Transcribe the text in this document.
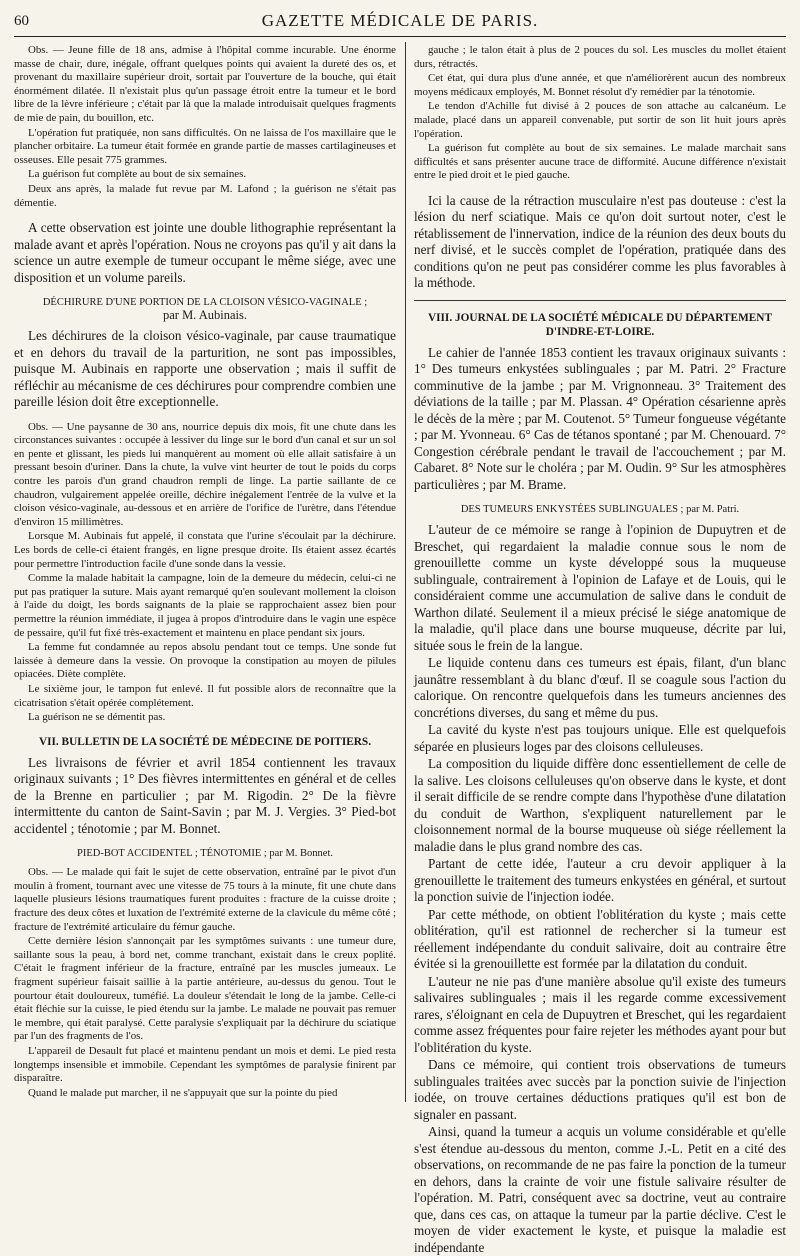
60	GAZETTE MÉDICALE DE PARIS.

Obs. — Jeune fille de 18 ans, admise à l'hôpital comme incurable. Une énorme masse de chair, dure, inégale, offrant quelques points qui avaient la dureté des os, et provenant du maxillaire supérieur droit, sortait par l'ouverture de la bouche, qui était énormément dilatée. Il n'existait plus qu'un passage étroit entre la tumeur et le bord libre de la lèvre inférieure ; c'était par là que la malade introduisait quelques fragments de mie de pain, du bouillon, etc.

L'opération fut pratiquée, non sans difficultés. On ne laissa de l'os maxillaire que le plancher orbitaire. La tumeur était formée en grande partie de masses cartilagineuses et osseuses. Elle pesait 775 grammes.

La guérison fut complète au bout de six semaines.

Deux ans après, la malade fut revue par M. Lafond ; la guérison ne s'était pas démentie.

A cette observation est jointe une double lithographie représentant la malade avant et après l'opération. Nous ne croyons pas qu'il y ait dans la science un autre exemple de tumeur occupant le même siége, avec une disposition et un volume pareils.

DÉCHIRURE D'UNE PORTION DE LA CLOISON VÉSICO-VAGINALE ;
par M. Aubinais.

Les déchirures de la cloison vésico-vaginale, par cause traumatique et en dehors du travail de la parturition, ne sont pas impossibles, puisque M. Aubinais en rapporte une observation ; mais il suffit de réfléchir au mécanisme de ces déchirures pour comprendre combien une pareille lésion doit être exceptionnelle.

Obs. — Une paysanne de 30 ans, nourrice depuis dix mois, fit une chute dans les circonstances suivantes : occupée à lessiver du linge sur le bord d'un canal et sur un sol en pente et glissant, les pieds lui manquèrent au moment où elle allait satisfaire à un pressant besoin d'uriner. Dans la chute, la vulve vint heurter de tout le poids du corps contre les parois d'un grand chaudron rempli de linge. La partie saillante de ce chaudron, vulgairement appelée oreille, déchire inégalement l'entrée de la vulve et la cloison vésico-vaginale, au-dessous et en arrière de l'orifice de l'urètre, dans l'étendue d'environ 15 millimètres.

Lorsque M. Aubinais fut appelé, il constata que l'urine s'écoulait par la déchirure. Les bords de celle-ci étaient frangés, en ligne presque droite. Ils étaient assez écartés pour permettre l'introduction facile d'une sonde dans la vessie.

Comme la malade habitait la campagne, loin de la demeure du médecin, celui-ci ne put pas pratiquer la suture. Mais ayant remarqué qu'en soulevant mollement la cloison à l'aide du doigt, les bords saignants de la plaie se rapprochaient assez bien pour permettre la réunion immédiate, il jugea à propos d'introduire dans le vagin une espèce de pessaire, qu'il fut fixé très-exactement et maintenu en place pendant six jours.

La femme fut condamnée au repos absolu pendant tout ce temps. Une sonde fut laissée à demeure dans la vessie. On provoque la constipation au moyen de pilules opiacées. Diète complète.

Le sixième jour, le tampon fut enlevé. Il fut possible alors de reconnaître que la cicatrisation s'était opérée complétement.

La guérison ne se démentit pas.

VII. BULLETIN DE LA SOCIÉTÉ DE MÉDECINE DE POITIERS.

Les livraisons de février et avril 1854 contiennent les travaux originaux suivants ; 1° Des fièvres intermittentes en général et de celles de la Brenne en particulier ; par M. Rigodin. 2° De la fièvre intermittente du canton de Saint-Savin ; par M. J. Vergies. 3° Pied-bot accidentel ; ténotomie ; par M. Bonnet.

PIED-BOT ACCIDENTEL ; TÉNOTOMIE ; par M. Bonnet.

Obs. — Le malade qui fait le sujet de cette observation, entraîné par le pivot d'un moulin à froment, tournant avec une vitesse de 75 tours à la minute, fit une chute dans laquelle plusieurs lésions traumatiques furent produites : fracture de la cuisse droite ; fracture des deux côtes et luxation de l'extrémité externe de la clavicule du même côté ; fracture de l'extrémité articulaire du fémur gauche.

Cette dernière lésion s'annonçait par les symptômes suivants : une tumeur dure, saillante sous la peau, à bord net, comme tranchant, existait dans le creux poplité. C'était le fragment inférieur de la fracture, entraîné par les muscles jumeaux. Le fragment supérieur faisait saillie à la partie antérieure, au-dessus du genou. Tout le pourtour était douloureux, tuméfié. La douleur s'étendait le long de la jambe. Celle-ci était fléchie sur la cuisse, le pied étendu sur la jambe. Le malade ne pouvait pas remuer le membre, qui était paralysé. Cette paralysie s'expliquait par la déchirure du sciatique par l'un des fragments de l'os.

L'appareil de Desault fut placé et maintenu pendant un mois et demi. Le pied resta longtemps insensible et immobile. Cependant les symptômes de paralysie finirent par disparaître.

Quand le malade put marcher, il ne s'appuyait que sur la pointe du pied

gauche ; le talon était à plus de 2 pouces du sol. Les muscles du mollet étaient durs, rétractés.

Cet état, qui dura plus d'une année, et que n'améliorèrent aucun des nombreux moyens médicaux employés, M. Bonnet résolut d'y remédier par la ténotomie.

Le tendon d'Achille fut divisé à 2 pouces de son attache au calcanéum. Le malade, placé dans un appareil convenable, put sortir de son lit huit jours après l'opération.

La guérison fut complète au bout de six semaines. Le malade marchait sans difficultés et sans présenter aucune trace de difformité. Aucune différence n'existait entre le pied droit et le pied gauche.

Ici la cause de la rétraction musculaire n'est pas douteuse : c'est la lésion du nerf sciatique. Mais ce qu'on doit surtout noter, c'est le rétablissement de l'innervation, indice de la réunion des deux bouts du nerf divisé, et le succès complet de l'opération, pratiquée dans des conditions qu'on ne peut pas considérer comme les plus favorables à la méthode.

VIII. JOURNAL DE LA SOCIÉTÉ MÉDICALE DU DÉPARTEMENT D'INDRE-ET-LOIRE.

Le cahier de l'année 1853 contient les travaux originaux suivants : 1° Des tumeurs enkystées sublinguales ; par M. Patri. 2° Fracture comminutive de la jambe ; par M. Vrignonneau. 3° Traitement des déviations de la taille ; par M. Plassan. 4° Opération césarienne après le décès de la mère ; par M. Coutenot. 5° Tumeur fongueuse végétante ; par M. Yvonneau. 6° Cas de tétanos spontané ; par M. Chenouard. 7° Congestion cérébrale pendant le travail de l'accouchement ; par M. Cabaret. 8° Note sur le choléra ; par M. Oudin. 9° Sur les atmosphères particulières ; par M. Brame.

DES TUMEURS ENKYSTÉES SUBLINGUALES ; par M. Patri.

L'auteur de ce mémoire se range à l'opinion de Dupuytren et de Breschet, qui regardaient la maladie connue sous le nom de grenouillette comme un kyste développé sous la muqueuse sublinguale, contrairement à l'opinion de Lafaye et de Louis, qui le considéraient comme une accumulation de salive dans le conduit de Warthon dilaté. Seulement il a mieux précisé le siége anatomique de la maladie, qu'il place dans une bourse muqueuse, décrite par lui, située sous le frein de la langue.

Le liquide contenu dans ces tumeurs est épais, filant, d'un blanc jaunâtre ressemblant à du blanc d'œuf. Il se coagule sous l'action du calorique. On rencontre quelquefois dans les tumeurs anciennes des concrétions diverses, du sang et même du pus.

La cavité du kyste n'est pas toujours unique. Elle est quelquefois séparée en plusieurs loges par des cloisons celluleuses.

La composition du liquide diffère donc essentiellement de celle de la salive. Les cloisons celluleuses qu'on observe dans le kyste, et dont il serait difficile de se rendre compte dans l'hypothèse d'une dilatation du conduit de Warthon, s'expliquent naturellement par le cloisonnement normal de la bourse muqueuse où siége réellement la maladie dans le plus grand nombre des cas.

Partant de cette idée, l'auteur a cru devoir appliquer à la grenouillette le traitement des tumeurs enkystées en général, et surtout la ponction suivie de l'injection iodée.

Par cette méthode, on obtient l'oblitération du kyste ; mais cette oblitération, qu'il est rationnel de rechercher si la tumeur est réellement indépendante du conduit salivaire, doit au contraire être évitée si la grenouillette est formée par la dilatation du conduit.

L'auteur ne nie pas d'une manière absolue qu'il existe des tumeurs salivaires sublinguales ; mais il les regarde comme excessivement rares, s'éloignant en cela de Dupuytren et Breschet, qui les regardaient comme assez fréquentes pour faire rejeter les méthodes ayant pour but l'oblitération du kyste.

Dans ce mémoire, qui contient trois observations de tumeurs sublinguales traitées avec succès par la ponction suivie de l'injection iodée, on trouve certaines déductions pratiques qu'il est bon de signaler en passant.

Ainsi, quand la tumeur a acquis un volume considérable et qu'elle s'est étendue au-dessous du menton, comme J.-L. Petit en a cité des observations, on recommande de ne pas faire la ponction de la tumeur en dehors, dans la crainte de voir une fistule salivaire résulter de l'opération. M. Patri, conséquent avec sa doctrine, veut au contraire que, dans ces cas, on attaque la tumeur par la partie déclive. C'est le moyen de vider exactement le kyste, et puisque la maladie est indépendante
